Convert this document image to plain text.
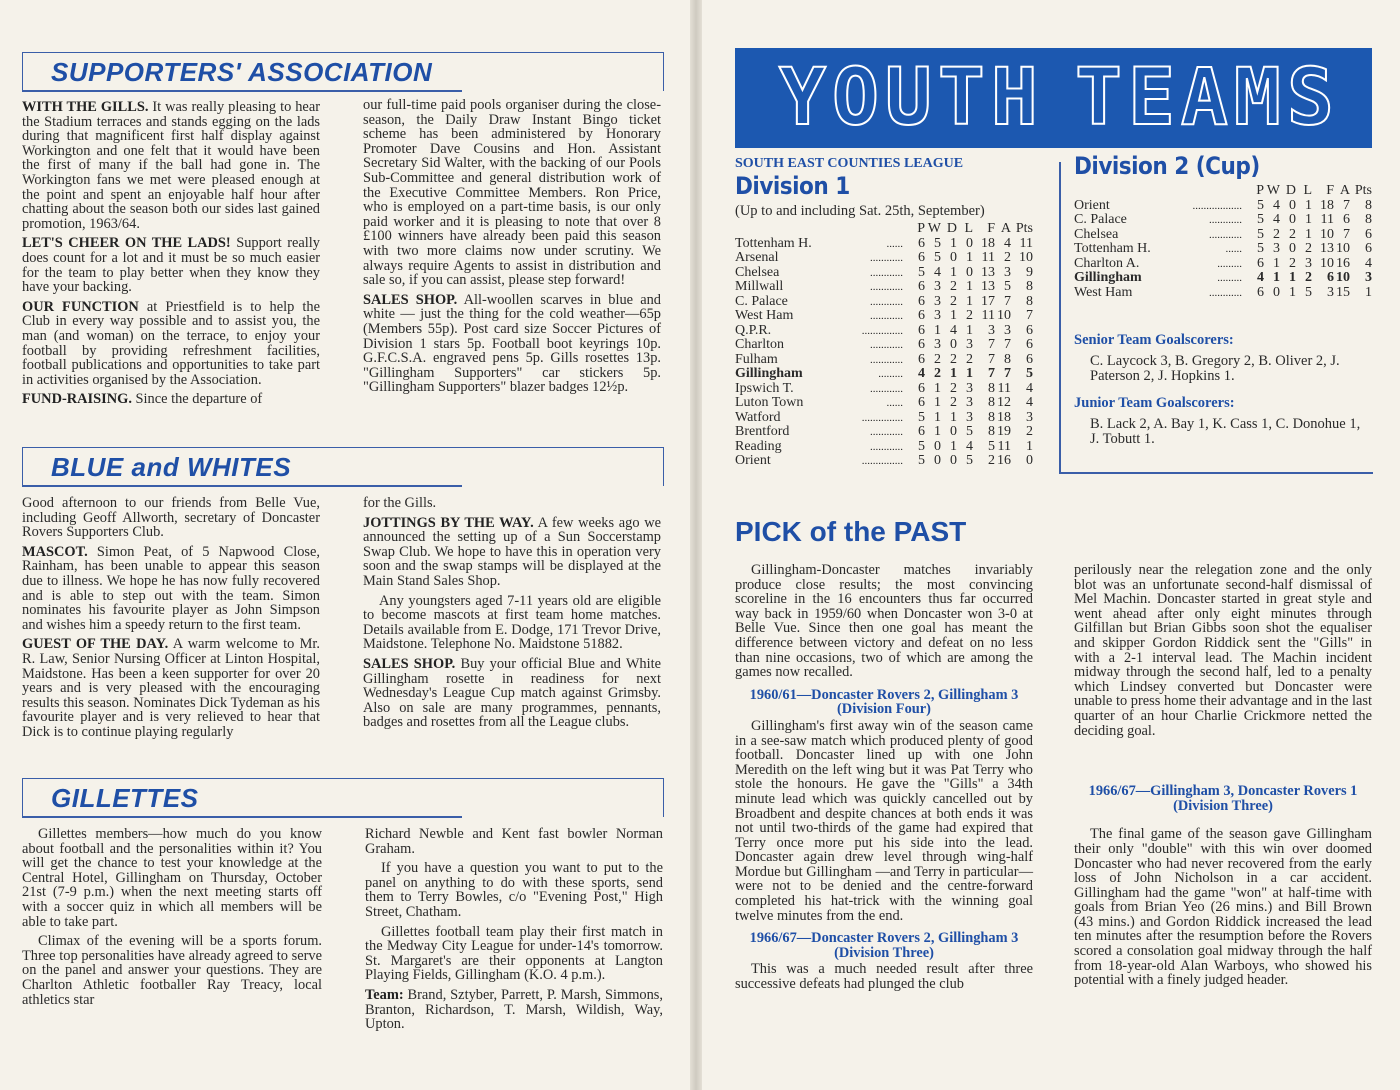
SUPPORTERS' ASSOCIATION

WITH THE GILLS. It was really pleasing to hear the Stadium terraces and stands egging on the lads during that magnificent first half display against Workington and one felt that it would have been the first of many if the ball had gone in. The Workington fans we met were pleased enough at the point and spent an enjoyable half hour after chatting about the season both our sides last gained promotion, 1963/64.

LET'S CHEER ON THE LADS! Support really does count for a lot and it must be so much easier for the team to play better when they know they have your backing.

OUR FUNCTION at Priestfield is to help the Club in every way possible and to assist you, the man (and woman) on the terrace, to enjoy your football by providing refreshment facilities, football publications and opportunities to take part in activities organised by the Association.

FUND-RAISING. Since the departure of

our full-time paid pools organiser during the close-season, the Daily Draw Instant Bingo ticket scheme has been administered by Honorary Promoter Dave Cousins and Hon. Assistant Secretary Sid Walter, with the backing of our Pools Sub-Committee and general distribution work of the Executive Committee Members. Ron Price, who is employed on a part-time basis, is our only paid worker and it is pleasing to note that over 8 £100 winners have already been paid this season with two more claims now under scrutiny. We always require Agents to assist in distribution and sale so, if you can assist, please step forward!

SALES SHOP. All-woollen scarves in blue and white — just the thing for the cold weather—65p (Members 55p). Post card size Soccer Pictures of Division 1 stars 5p. Football boot keyrings 10p. G.F.C.S.A. engraved pens 5p. Gills rosettes 13p. "Gillingham Supporters" car stickers 5p. "Gillingham Supporters" blazer badges 12½p.

BLUE and WHITES

Good afternoon to our friends from Belle Vue, including Geoff Allworth, secretary of Doncaster Rovers Supporters Club.

MASCOT. Simon Peat, of 5 Napwood Close, Rainham, has been unable to appear this season due to illness. We hope he has now fully recovered and is able to step out with the team. Simon nominates his favourite player as John Simpson and wishes him a speedy return to the first team.

GUEST OF THE DAY. A warm welcome to Mr. R. Law, Senior Nursing Officer at Linton Hospital, Maidstone. Has been a keen supporter for over 20 years and is very pleased with the encouraging results this season. Nominates Dick Tydeman as his favourite player and is very relieved to hear that Dick is to continue playing regularly

for the Gills.

JOTTINGS BY THE WAY. A few weeks ago we announced the setting up of a Sun Soccerstamp Swap Club. We hope to have this in operation very soon and the swap stamps will be displayed at the Main Stand Sales Shop.

Any youngsters aged 7-11 years old are eligible to become mascots at first team home matches. Details available from E. Dodge, 171 Trevor Drive, Maidstone. Telephone No. Maidstone 51882.

SALES SHOP. Buy your official Blue and White Gillingham rosette in readiness for next Wednesday's League Cup match against Grimsby. Also on sale are many programmes, pennants, badges and rosettes from all the League clubs.

GILLETTES

Gillettes members—how much do you know about football and the personalities within it? You will get the chance to test your knowledge at the Central Hotel, Gillingham on Thursday, October 21st (7-9 p.m.) when the next meeting starts off with a soccer quiz in which all members will be able to take part.

Climax of the evening will be a sports forum. Three top personalities have already agreed to serve on the panel and answer your questions. They are Charlton Athletic footballer Ray Treacy, local athletics star

Richard Newble and Kent fast bowler Norman Graham.

If you have a question you want to put to the panel on anything to do with these sports, send them to Terry Bowles, c/o "Evening Post," High Street, Chatham.

Gillettes football team play their first match in the Medway City League for under-14's tomorrow. St. Margaret's are their opponents at Langton Playing Fields, Gillingham (K.O. 4 p.m.).

Team: Brand, Sztyber, Parrett, P. Marsh, Simmons, Branton, Richardson, T. Marsh, Wildish, Way, Upton.

YOUTH TEAMS
SOUTH EAST COUNTIES LEAGUE
Division 1
(Up to and including Sat. 25th, September)
		P	W	D	L	F	A	Pts
Tottenham H.	......	6	5	1	0	18	4	11
Arsenal	............	6	5	0	1	11	2	10
Chelsea	............	5	4	1	0	13	3	9
Millwall	............	6	3	2	1	13	5	8
C. Palace	............	6	3	2	1	17	7	8
West Ham	............	6	3	1	2	11	10	7
Q.P.R.	...............	6	1	4	1	3	3	6
Charlton	............	6	3	0	3	7	7	6
Fulham	............	6	2	2	2	7	8	6
Gillingham	.........	4	2	1	1	7	7	5
Ipswich T.	............	6	1	2	3	8	11	4
Luton Town	......	6	1	2	3	8	12	4
Watford	...............	5	1	1	3	8	18	3
Brentford	............	6	1	0	5	8	19	2
Reading	............	5	0	1	4	5	11	1
Orient	...............	5	0	0	5	2	16	0
Division 2 (Cup)
		P	W	D	L	F	A	Pts
Orient	..................	5	4	0	1	18	7	8
C. Palace	............	5	4	0	1	11	6	8
Chelsea	............	5	2	2	1	10	7	6
Tottenham H.	......	5	3	0	2	13	10	6
Charlton A.	.........	6	1	2	3	10	16	4
Gillingham	.........	4	1	1	2	6	10	3
West Ham	............	6	0	1	5	3	15	1
Senior Team Goalscorers:
C. Laycock 3, B. Gregory 2, B. Oliver 2, J. Paterson 2, J. Hopkins 1.
Junior Team Goalscorers:
B. Lack 2, A. Bay 1, K. Cass 1, C. Donohue 1, J. Tobutt 1.
PICK of the PAST

Gillingham-Doncaster matches invariably produce close results; the most convincing scoreline in the 16 encounters thus far occurred way back in 1959/60 when Doncaster won 3-0 at Belle Vue. Since then one goal has meant the difference between victory and defeat on no less than nine occasions, two of which are among the games now recalled.

1960/61—Doncaster Rovers 2, Gillingham 3
(Division Four)

Gillingham's first away win of the season came in a see-saw match which produced plenty of good football. Doncaster lined up with one John Meredith on the left wing but it was Pat Terry who stole the honours. He gave the "Gills" a 34th minute lead which was quickly cancelled out by Broadbent and despite chances at both ends it was not until two-thirds of the game had expired that Terry once more put his side into the lead. Doncaster again drew level through wing-half Mordue but Gillingham —and Terry in particular—were not to be denied and the centre-forward completed his hat-trick with the winning goal twelve minutes from the end.

1966/67—Doncaster Rovers 2, Gillingham 3
(Division Three)

This was a much needed result after three successive defeats had plunged the club

perilously near the relegation zone and the only blot was an unfortunate second-half dismissal of Mel Machin. Doncaster started in great style and went ahead after only eight minutes through Gilfillan but Brian Gibbs soon shot the equaliser and skipper Gordon Riddick sent the "Gills" in with a 2-1 interval lead. The Machin incident midway through the second half, led to a penalty which Lindsey converted but Doncaster were unable to press home their advantage and in the last quarter of an hour Charlie Crickmore netted the deciding goal.

1966/67—Gillingham 3, Doncaster Rovers 1
(Division Three)

The final game of the season gave Gillingham their only "double" with this win over doomed Doncaster who had never recovered from the early loss of John Nicholson in a car accident. Gillingham had the game "won" at half-time with goals from Brian Yeo (26 mins.) and Bill Brown (43 mins.) and Gordon Riddick increased the lead ten minutes after the resumption before the Rovers scored a consolation goal midway through the half from 18-year-old Alan Warboys, who showed his potential with a finely judged header.
